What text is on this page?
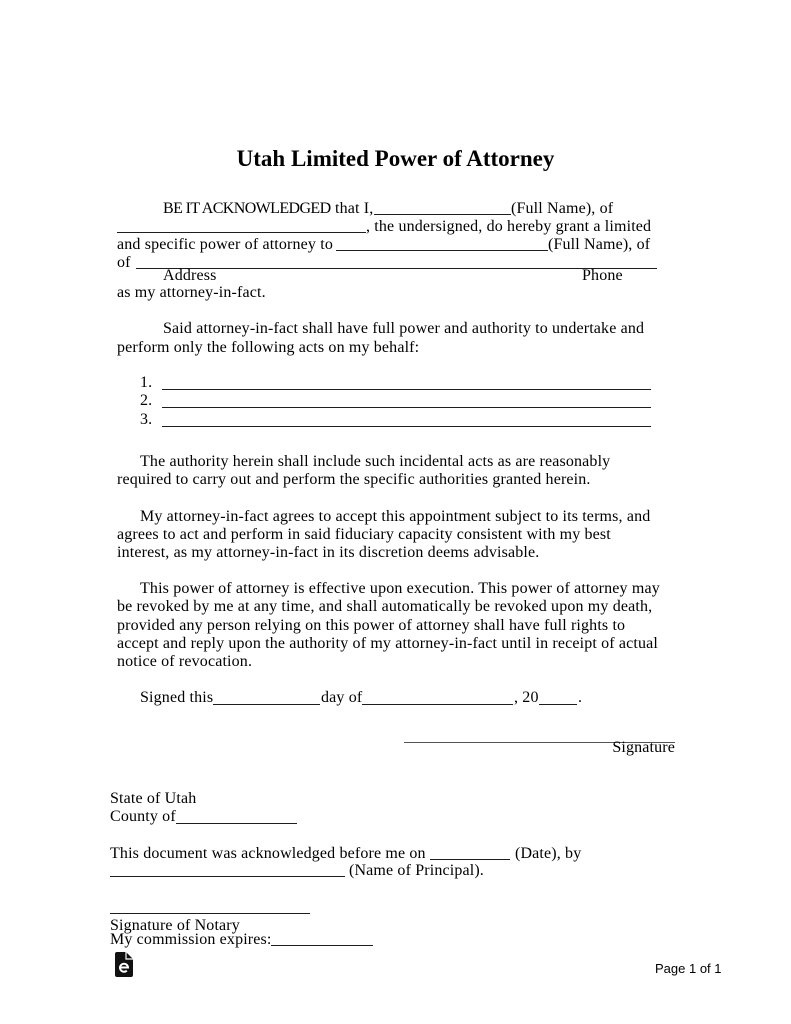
Utah Limited Power of Attorney
BE IT ACKNOWLEDGED that I,	(Full Name), of
, the undersigned, do hereby grant a limited
and specific power of attorney to	(Full Name), of
of
Address	Phone
as my attorney-in-fact.
Said attorney-in-fact shall have full power and authority to undertake and
perform only the following acts on my behalf:
1.
2.
3.
The authority herein shall include such incidental acts as are reasonably
required to carry out and perform the specific authorities granted herein.
My attorney-in-fact agrees to accept this appointment subject to its terms, and
agrees to act and perform in said fiduciary capacity consistent with my best
interest, as my attorney-in-fact in its discretion deems advisable.
This power of attorney is effective upon execution. This power of attorney may
be revoked by me at any time, and shall automatically be revoked upon my death,
provided any person relying on this power of attorney shall have full rights to
accept and reply upon the authority of my attorney-in-fact until in receipt of actual
notice of revocation.
Signed this	day of	, 20 .
Signature
State of Utah
County of
This document was acknowledged before me on	(Date), by
(Name of Principal).
Signature of Notary
My commission expires:
Page 1 of 1
